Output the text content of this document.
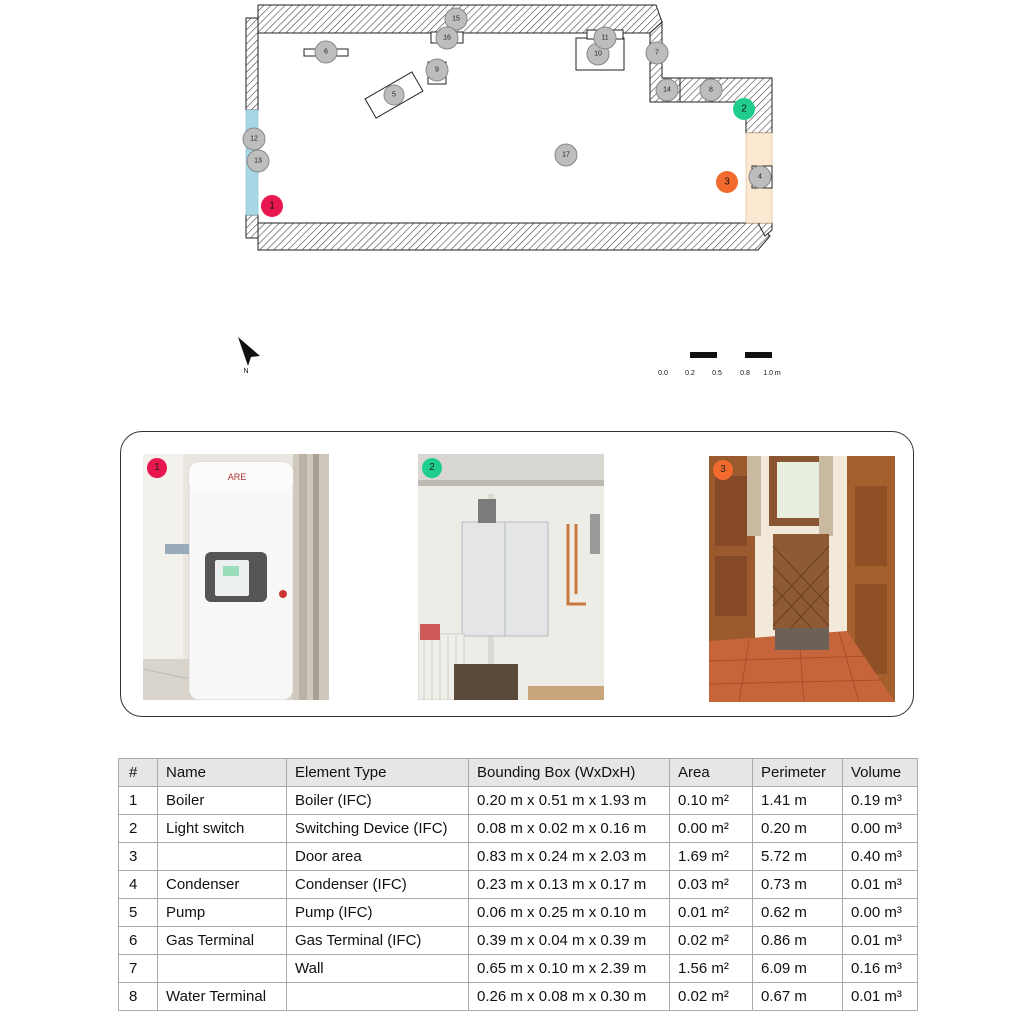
4
5
6	7
8
9
10
11
12
13
14
15
16
17
1
2
3
N	0.0 0.2 0.5	0.8 1.0 m
ARE
1	2	3
#	Name	Element Type	Bounding Box (WxDxH)	Area	Perimeter	Volume
1	Boiler	Boiler (IFC)	0.20 m x 0.51 m x 1.93 m	0.10 m²	1.41 m	0.19 m³
2	Light switch	Switching Device (IFC)	0.08 m x 0.02 m x 0.16 m	0.00 m²	0.20 m	0.00 m³
3		Door area	0.83 m x 0.24 m x 2.03 m	1.69 m²	5.72 m	0.40 m³
4	Condenser	Condenser (IFC)	0.23 m x 0.13 m x 0.17 m	0.03 m²	0.73 m	0.01 m³
5	Pump	Pump (IFC)	0.06 m x 0.25 m x 0.10 m	0.01 m²	0.62 m	0.00 m³
6	Gas Terminal	Gas Terminal (IFC)	0.39 m x 0.04 m x 0.39 m	0.02 m²	0.86 m	0.01 m³
7		Wall	0.65 m x 0.10 m x 2.39 m	1.56 m²	6.09 m	0.16 m³
8	Water Terminal		0.26 m x 0.08 m x 0.30 m	0.02 m²	0.67 m	0.01 m³
